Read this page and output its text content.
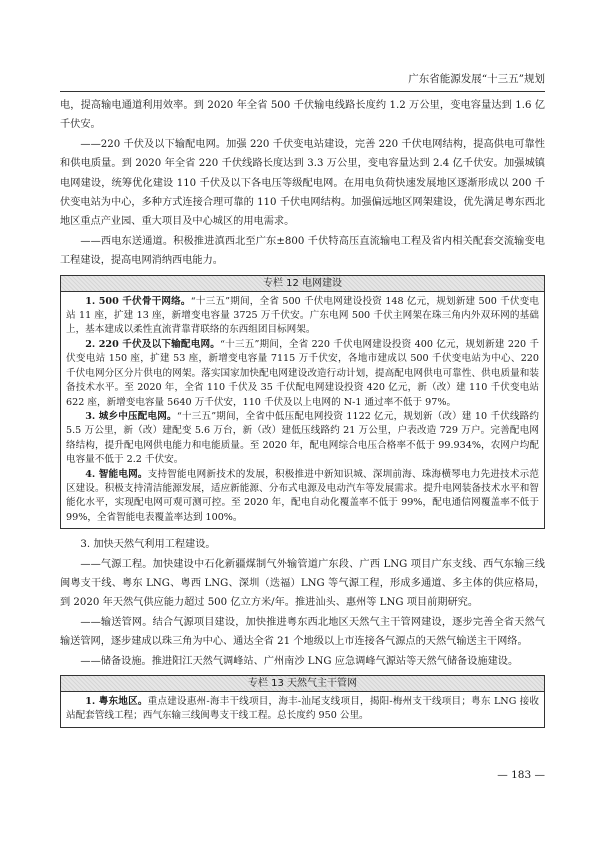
广东省能源发展“十三五”规划

电，提高输电通道利用效率。到 2020 年全省 500 千伏输电线路长度约 1.2 万公里，变电容量达到 1.6 亿千伏安。

——220 千伏及以下输配电网。加强 220 千伏变电站建设，完善 220 千伏电网结构，提高供电可靠性和供电质量。到 2020 年全省 220 千伏线路长度达到 3.3 万公里，变电容量达到 2.4 亿千伏安。加强城镇电网建设，统筹优化建设 110 千伏及以下各电压等级配电网。在用电负荷快速发展地区逐渐形成以 200 千伏变电站为中心，多种方式连接合理可靠的 110 千伏电网结构。加强偏远地区网架建设，优先满足粤东西北地区重点产业园、重大项目及中心城区的用电需求。

——西电东送通道。积极推进滇西北至广东±800 千伏特高压直流输电工程及省内相关配套交流输变电工程建设，提高电网消纳西电能力。

专栏 12 电网建设

1. 500 千伏骨干网络。“十三五”期间，全省 500 千伏电网建设投资 148 亿元，规划新建 500 千伏变电站 11 座，扩建 13 座，新增变电容量 3725 万千伏安。广东电网 500 千伏主网架在珠三角内外双环网的基础上，基本建成以柔性直流背靠背联络的东西组团目标网架。

2. 220 千伏及以下输配电网。“十三五”期间，全省 220 千伏电网建设投资 400 亿元，规划新建 220 千伏变电站 150 座，扩建 53 座，新增变电容量 7115 万千伏安，各地市建成以 500 千伏变电站为中心、220 千伏电网分区分片供电的网架。落实国家加快配电网建设改造行动计划，提高配电网供电可靠性、供电质量和装备技术水平。至 2020 年，全省 110 千伏及 35 千伏配电网建设投资 420 亿元，新（改）建 110 千伏变电站 622 座，新增变电容量 5640 万千伏安，110 千伏及以上电网的 N-1 通过率不低于 97%。

3. 城乡中压配电网。“十三五”期间，全省中低压配电网投资 1122 亿元，规划新（改）建 10 千伏线路约 5.5 万公里，新（改）建配变 5.6 万台，新（改）建低压线路约 21 万公里，户表改造 729 万户。完善配电网络结构，提升配电网供电能力和电能质量。至 2020 年，配电网综合电压合格率不低于 99.934%，农网户均配电容量不低于 2.2 千伏安。

4. 智能电网。支持智能电网新技术的发展，积极推进中新知识城、深圳前海、珠海横琴电力先进技术示范区建设。积极支持清洁能源发展，适应新能源、分布式电源及电动汽车等发展需求。提升电网装备技术水平和智能化水平，实现配电网可观可测可控。至 2020 年，配电自动化覆盖率不低于 99%，配电通信网覆盖率不低于 99%，全省智能电表覆盖率达到 100%。

3. 加快天然气利用工程建设。

——气源工程。加快建设中石化新疆煤制气外输管道广东段、广西 LNG 项目广东支线、西气东输三线闽粤支干线、粤东 LNG、粤西 LNG、深圳（迭福）LNG 等气源工程，形成多通道、多主体的供应格局，到 2020 年天然气供应能力超过 500 亿立方米/年。推进汕头、惠州等 LNG 项目前期研究。

——输送管网。结合气源项目建设，加快推进粤东西北地区天然气主干管网建设，逐步完善全省天然气输送管网，逐步建成以珠三角为中心、通达全省 21 个地级以上市连接各气源点的天然气输送主干网络。

——储备设施。推进阳江天然气调峰站、广州南沙 LNG 应急调峰气源站等天然气储备设施建设。

专栏 13 天然气主干管网

1. 粤东地区。重点建设惠州-海丰干线项目，海丰-汕尾支线项目，揭阳-梅州支干线项目；粤东 LNG 接收站配套管线工程；西气东输三线闽粤支干线工程。总长度约 950 公里。

— 183 —
